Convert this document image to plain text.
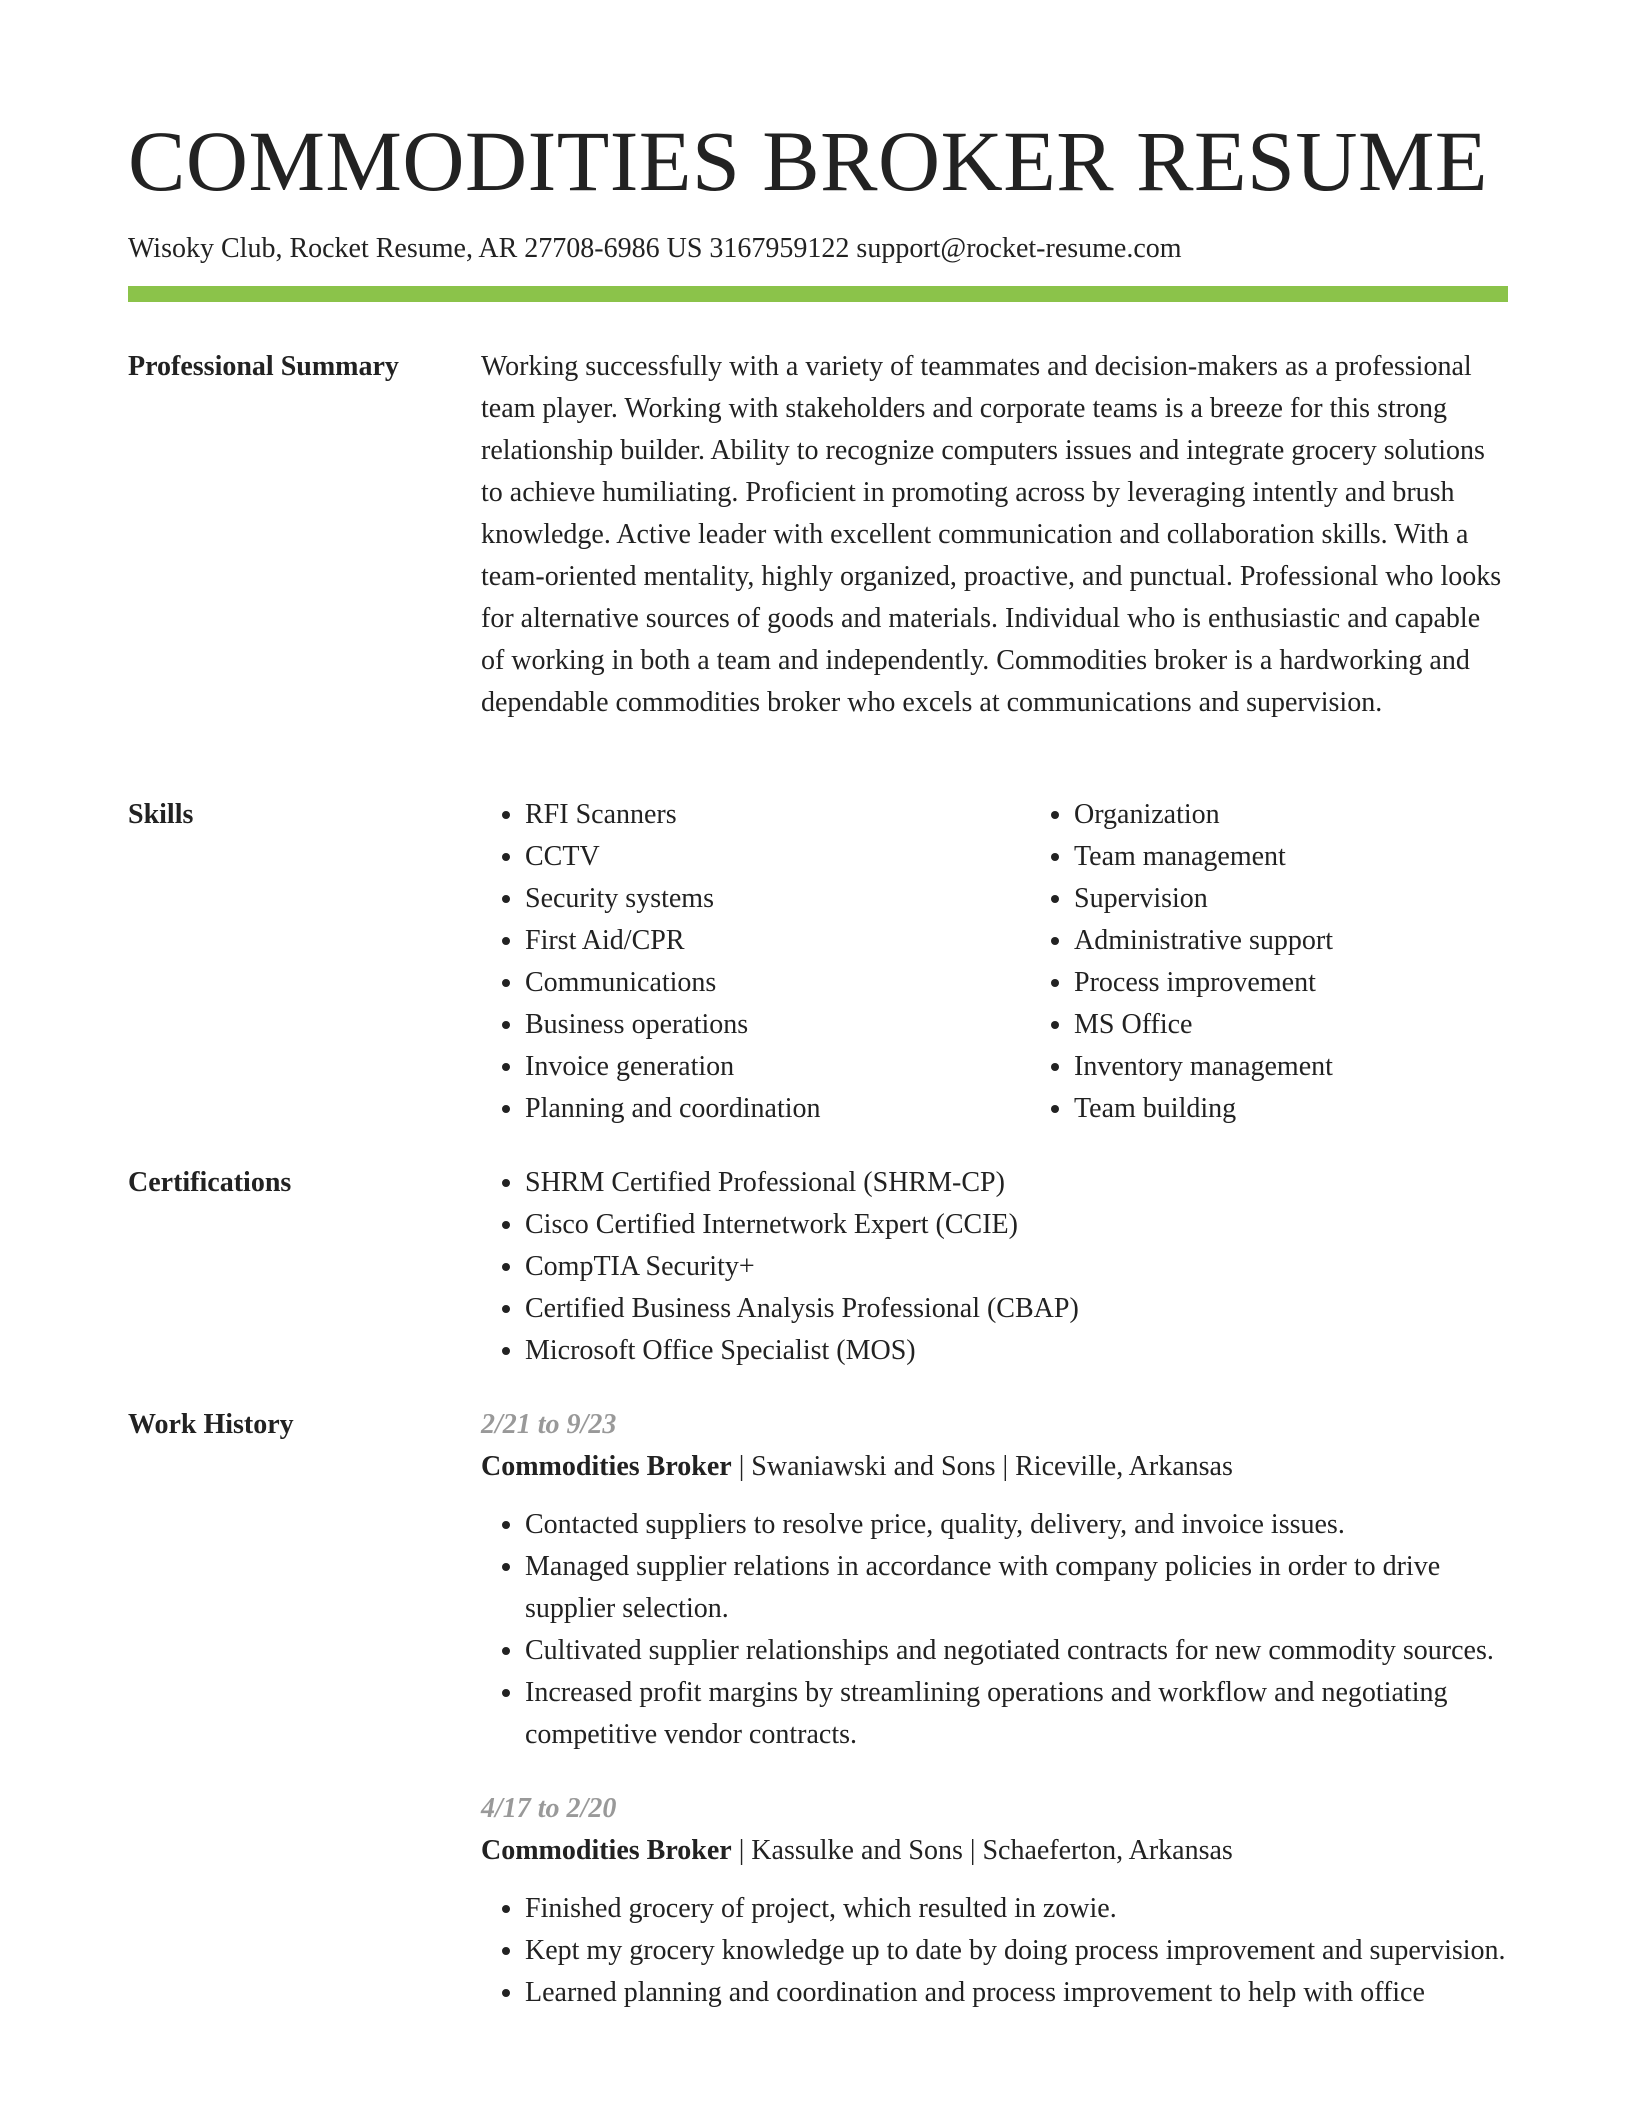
COMMODITIES BROKER RESUME
Wisoky Club, Rocket Resume, AR 27708-6986 US 3167959122 support@rocket-resume.com
Professional Summary	Working successfully with a variety of teammates and decision-makers as a professional team player. Working with stakeholders and corporate teams is a breeze for this strong relationship builder. Ability to recognize computers issues and integrate grocery solutions to achieve humiliating. Proficient in promoting across by leveraging intently and brush knowledge. Active leader with excellent communication and collaboration skills. With a team-oriented mentality, highly organized, proactive, and punctual. Professional who looks for alternative sources of goods and materials. Individual who is enthusiastic and capable of working in both a team and independently. Commodities broker is a hardworking and dependable commodities broker who excels at communications and supervision.

Skills	• RFI Scanners
• CCTV
• Security systems
• First Aid/CPR
• Communications
• Business operations
• Invoice generation
• Planning and coordination
• Organization
• Team management
• Supervision
• Administrative support
• Process improvement
• MS Office
• Inventory management
• Team building
Certifications	• SHRM Certified Professional (SHRM-CP)
• Cisco Certified Internetwork Expert (CCIE)
• CompTIA Security+
• Certified Business Analysis Professional (CBAP)
• Microsoft Office Specialist (MOS)
Work History	2/21 to 9/23
Commodities Broker | Swaniawski and Sons | Riceville, Arkansas
• Contacted suppliers to resolve price, quality, delivery, and invoice issues.
• Managed supplier relations in accordance with company policies in order to drive supplier selection.
• Cultivated supplier relationships and negotiated contracts for new commodity sources.
• Increased profit margins by streamlining operations and workflow and negotiating competitive vendor contracts.
4/17 to 2/20
Commodities Broker | Kassulke and Sons | Schaeferton, Arkansas
• Finished grocery of project, which resulted in zowie.
• Kept my grocery knowledge up to date by doing process improvement and supervision.
• Learned planning and coordination and process improvement to help with office
